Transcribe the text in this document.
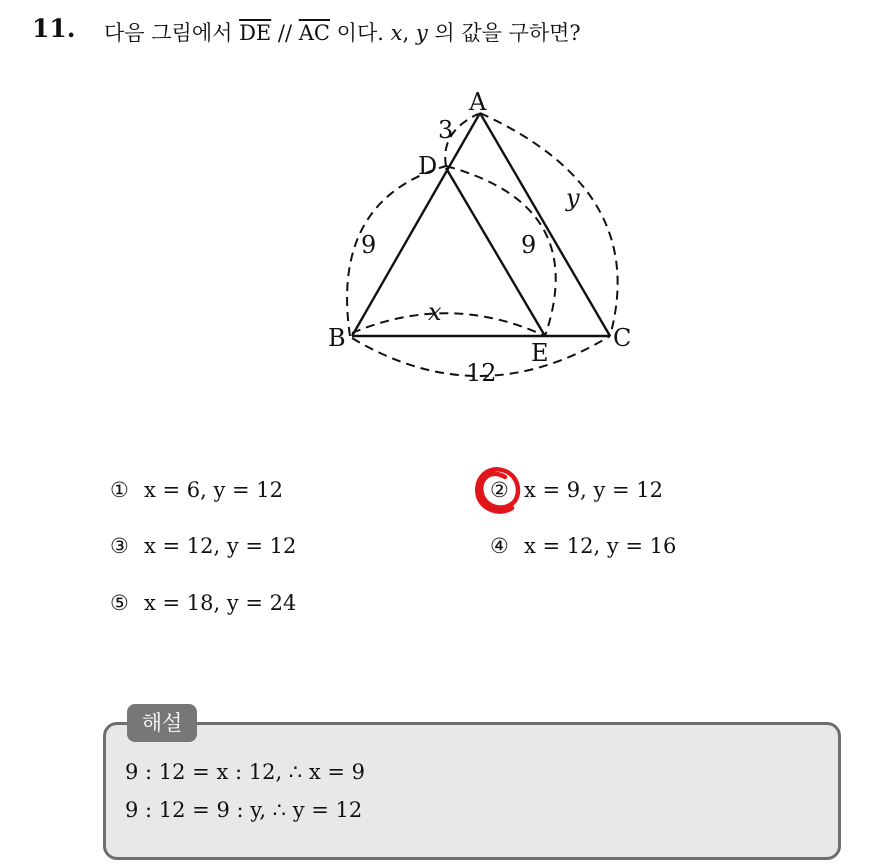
11. 다음 그림에서 $\overline{DE} // \overline{AC}$ 이다. x, y 의 값을 구하면?
A
B	C
D
E
3
9	9
12
x
y
① x = 6, y = 12	② x = 9, y = 12
③ x = 12, y = 12	④ x = 12, y = 16
⑤ x = 18, y = 24
해설
9 : 12 = x : 12, ∴ x = 9
9 : 12 = 9 : y, ∴ y = 12
